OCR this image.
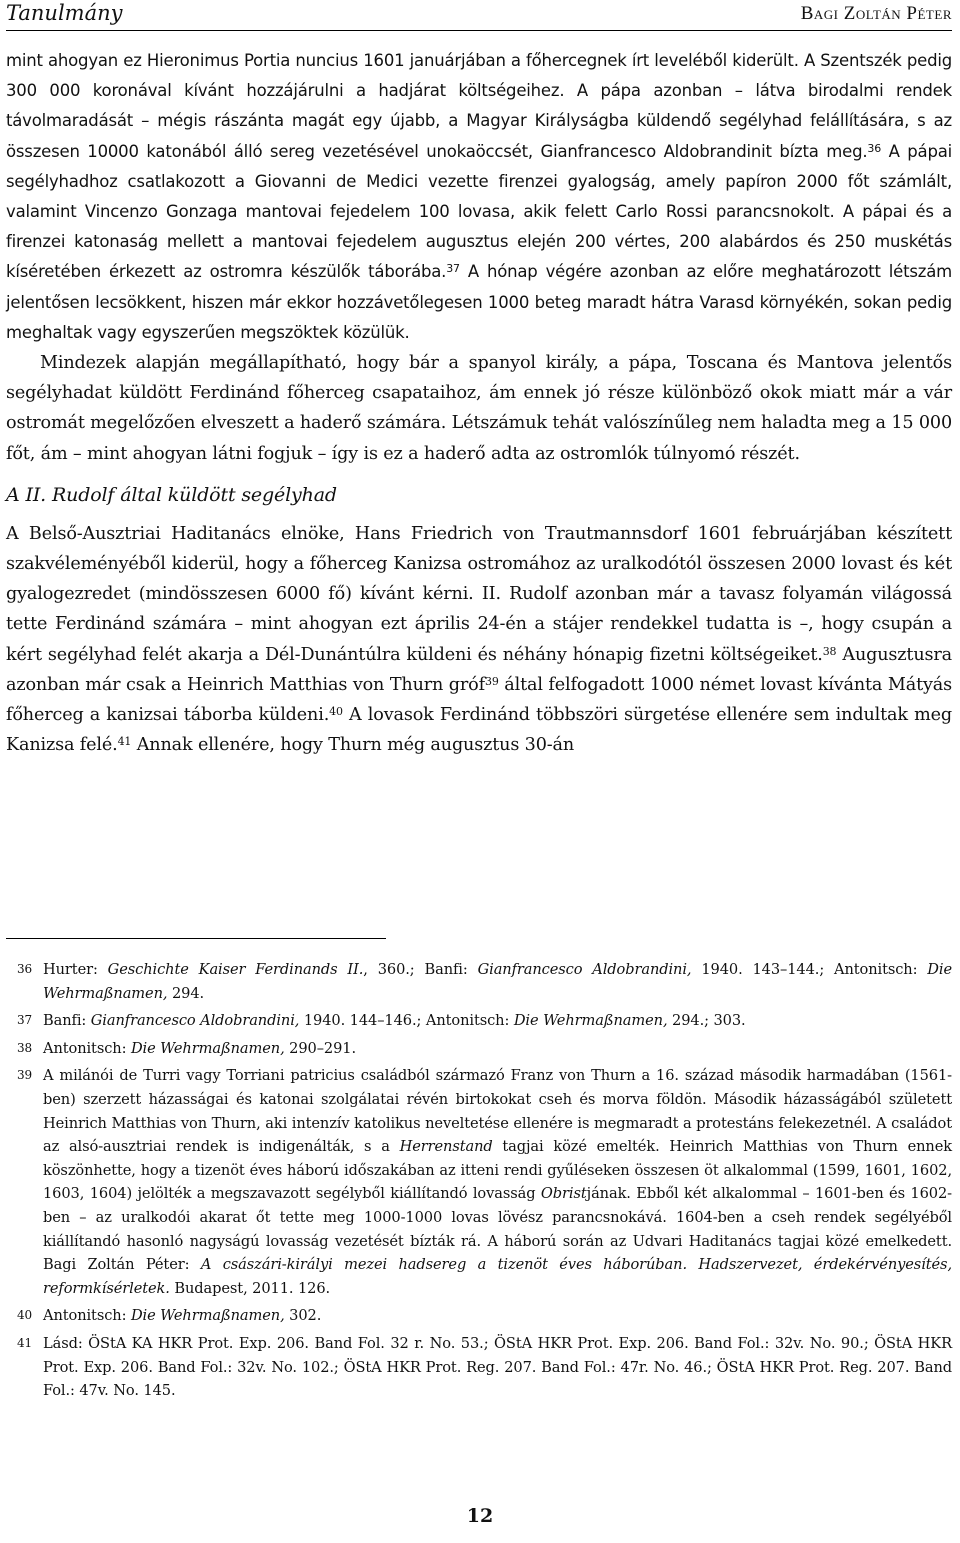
Tanulmány	Bagi Zoltán Péter

mint ahogyan ez Hieronimus Portia nuncius 1601 januárjában a főhercegnek írt leveléből kiderült. A Szentszék pedig 300 000 koronával kívánt hozzájárulni a hadjárat költségeihez. A pápa azonban – látva birodalmi rendek távolmaradását – mégis rászánta magát egy újabb, a Magyar Királyságba küldendő segélyhad felállítására, s az összesen 10000 katonából álló sereg vezetésével unokaöccsét, Gianfrancesco Aldobrandinit bízta meg.$^{36}$ A pápai segélyhadhoz csatlakozott a Giovanni de Medici vezette firenzei gyalogság, amely papíron 2000 főt számlált, valamint Vincenzo Gonzaga mantovai fejedelem 100 lovasa, akik felett Carlo Rossi parancsnokolt. A pápai és a firenzei katonaság mellett a mantovai fejedelem augusztus elején 200 vértes, 200 alabárdos és 250 muskétás kíséretében érkezett az ostromra készülők táborába.$^{37}$ A hónap végére azonban az előre meghatározott létszám jelentősen lecsökkent, hiszen már ekkor hozzávetőlegesen 1000 beteg maradt hátra Varasd környékén, sokan pedig meghaltak vagy egyszerűen megszöktek közülük.

Mindezek alapján megállapítható, hogy bár a spanyol király, a pápa, Toscana és Mantova jelentős segélyhadat küldött Ferdinánd főherceg csapataihoz, ám ennek jó része különböző okok miatt már a vár ostromát megelőzően elveszett a haderő számára. Létszámuk tehát valószínűleg nem haladta meg a 15 000 főt, ám – mint ahogyan látni fogjuk – így is ez a haderő adta az ostromlók túlnyomó részét.

A II. Rudolf által küldött segélyhad

A Belső-Ausztriai Haditanács elnöke, Hans Friedrich von Trautmannsdorf 1601 februárjában készített szakvéleményéből kiderül, hogy a főherceg Kanizsa ostromához az uralkodótól összesen 2000 lovast és két gyalogezredet (mindösszesen 6000 fő) kívánt kérni. II. Rudolf azonban már a tavasz folyamán világossá tette Ferdinánd számára – mint ahogyan ezt április 24-én a stájer rendekkel tudatta is –, hogy csupán a kért segélyhad felét akarja a Dél-Dunántúlra küldeni és néhány hónapig fizetni költségeiket.$^{38}$ Augusztusra azonban már csak a Heinrich Matthias von Thurn gróf$^{39}$ által felfogadott 1000 német lovast kívánta Mátyás főherceg a kanizsai táborba küldeni.$^{40}$ A lovasok Ferdinánd többszöri sürgetése ellenére sem indultak meg Kanizsa felé.$^{41}$ Annak ellenére, hogy Thurn még augusztus 30-án

36 Hurter: Geschichte Kaiser Ferdinands II., 360.; Banfi: Gianfrancesco Aldobrandini, 1940. 143–144.; Antonitsch: Die Wehrmaßnamen, 294.
37 Banfi: Gianfrancesco Aldobrandini, 1940. 144–146.; Antonitsch: Die Wehrmaßnamen, 294.; 303.
38 Antonitsch: Die Wehrmaßnamen, 290–291.
39 A milánói de Turri vagy Torriani patricius családból származó Franz von Thurn a 16. század második harmadában (1561-ben) szerzett házasságai és katonai szolgálatai révén birtokokat cseh és morva földön. Második házasságából született Heinrich Matthias von Thurn, aki intenzív katolikus neveltetése ellenére is megmaradt a protestáns felekezetnél. A családot az alsó-ausztriai rendek is indigenálták, s a Herrenstand tagjai közé emelték. Heinrich Matthias von Thurn ennek köszönhette, hogy a tizenöt éves háború időszakában az itteni rendi gyűléseken összesen öt alkalommal (1599, 1601, 1602, 1603, 1604) jelölték a megszavazott segélyből kiállítandó lovasság Obristjának. Ebből két alkalommal – 1601-ben és 1602-ben – az uralkodói akarat őt tette meg 1000-1000 lovas lövész parancsnokává. 1604-ben a cseh rendek segélyéből kiállítandó hasonló nagyságú lovasság vezetését bízták rá. A háború során az Udvari Haditanács tagjai közé emelkedett. Bagi Zoltán Péter: A császári-királyi mezei hadsereg a tizenöt éves háborúban. Hadszervezet, érdekérvényesítés, reformkísérletek. Budapest, 2011. 126.
40 Antonitsch: Die Wehrmaßnamen, 302.
41 Lásd: ÖStA KA HKR Prot. Exp. 206. Band Fol. 32 r. No. 53.; ÖStA HKR Prot. Exp. 206. Band Fol.: 32v. No. 90.; ÖStA HKR Prot. Exp. 206. Band Fol.: 32v. No. 102.; ÖStA HKR Prot. Reg. 207. Band Fol.: 47r. No. 46.; ÖStA HKR Prot. Reg. 207. Band Fol.: 47v. No. 145.
12
